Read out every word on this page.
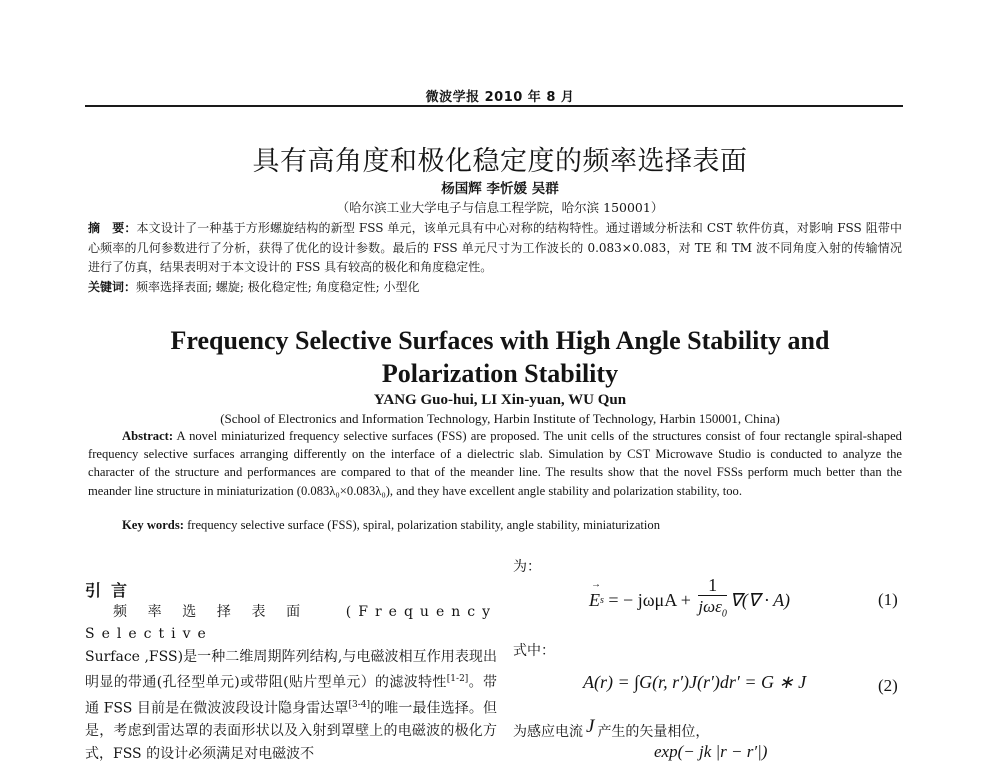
微波学报 2010 年 8 月
具有高角度和极化稳定度的频率选择表面
杨国辉 李忻媛 吴群
（哈尔滨工业大学电子与信息工程学院，哈尔滨 150001）
摘　要：本文设计了一种基于方形螺旋结构的新型 FSS 单元，该单元具有中心对称的结构特性。通过谱域分析法和 CST 软件仿真，对影响 FSS 阻带中心频率的几何参数进行了分析，获得了优化的设计参数。最后的 FSS 单元尺寸为工作波长的 0.083×0.083，对 TE 和 TM 波不同角度入射的传输情况进行了仿真，结果表明对于本文设计的 FSS 具有较高的极化和角度稳定性。
关键词：频率选择表面; 螺旋; 极化稳定性; 角度稳定性; 小型化
Frequency Selective Surfaces with High Angle Stability and Polarization Stability
YANG Guo-hui, LI Xin-yuan, WU Qun
(School of Electronics and Information Technology, Harbin Institute of Technology, Harbin 150001, China)
Abstract: A novel miniaturized frequency selective surfaces (FSS) are proposed. The unit cells of the structures consist of four rectangle spiral-shaped frequency selective surfaces arranging differently on the interface of a dielectric slab. Simulation by CST Microwave Studio is conducted to analyze the character of the structure and performances are compared to that of the meander line. The results show that the novel FSSs perform much better than the meander line structure in miniaturization (0.083λ₀×0.083λ₀), and they have excellent angle stability and polarization stability, too.
Key words: frequency selective surface (FSS), spiral, polarization stability, angle stability, miniaturization
引言

频率选择表面 (Frequency Selective

Surface ,FSS)是一种二维周期阵列结构,与电磁波相互作用表现出明显的带通(孔径型单元)或带阻(贴片型单元）的滤波特性[1-2]。带通 FSS 目前是在微波波段设计隐身雷达罩[3-4]的唯一最佳选择。但是，考虑到雷达罩的表面形状以及入射到罩壁上的电磁波的极化方式，FSS 的设计必须满足对电磁波不
为：
→ E s = − $j\omega\mu A + \frac{1}{j\omega\varepsilon_0}$ ∇(∇ · A)	(1)
式中：
A(r) = ∫G(r, r′)J(r′)dr′ = G ∗ J	(2)
为感应电流 J 产生的矢量相位，
exp(− jk |r − r′|)
